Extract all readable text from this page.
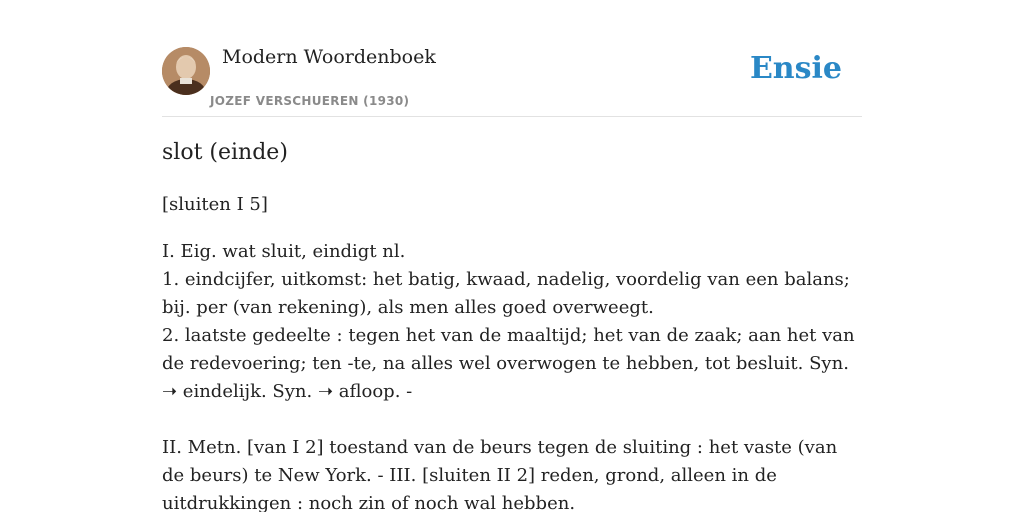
Modern Woordenboek
JOZEF VERSCHUEREN (1930)
Ensie
slot (einde)
[sluiten I 5]

I. Eig. wat sluit, eindigt nl.

1. eindcijfer, uitkomst: het batig, kwaad, nadelig, voordelig van een balans; bij. per (van rekening), als men alles goed overweegt.

2. laatste gedeelte : tegen het van de maaltijd; het van de zaak; aan het van de redevoering; ten -te, na alles wel overwogen te hebben, tot besluit. Syn. ➝ eindelijk. Syn. ➝ afloop. -

II. Metn. [van I 2] toestand van de beurs tegen de sluiting : het vaste (van de beurs) te New York. - III. [sluiten II 2] reden, grond, alleen in de uitdrukkingen : noch zin of noch wal hebben.
